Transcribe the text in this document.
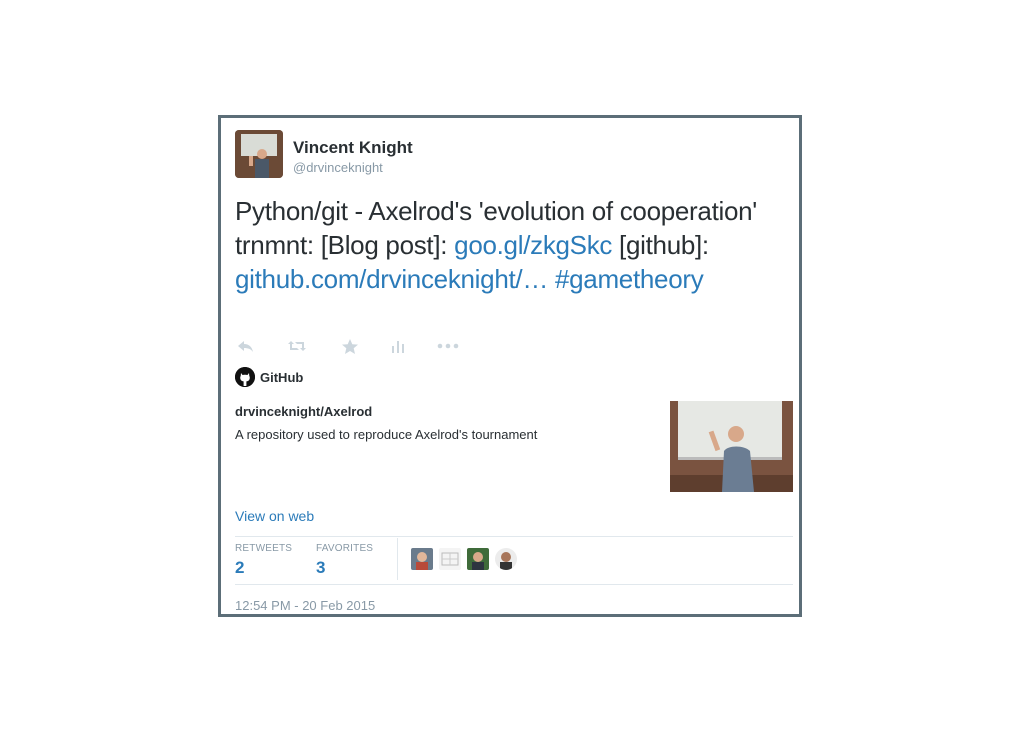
Vincent Knight
@drvinceknight
Python/git - Axelrod's 'evolution of cooperation' trnmnt: [Blog post]: goo.gl/zkgSkc [github]: github.com/drvinceknight/… #gametheory
GitHub
drvinceknight/Axelrod
A repository used to reproduce Axelrod's tournament
View on web
RETWEETS
2
FAVORITES
3
12:54 PM - 20 Feb 2015
